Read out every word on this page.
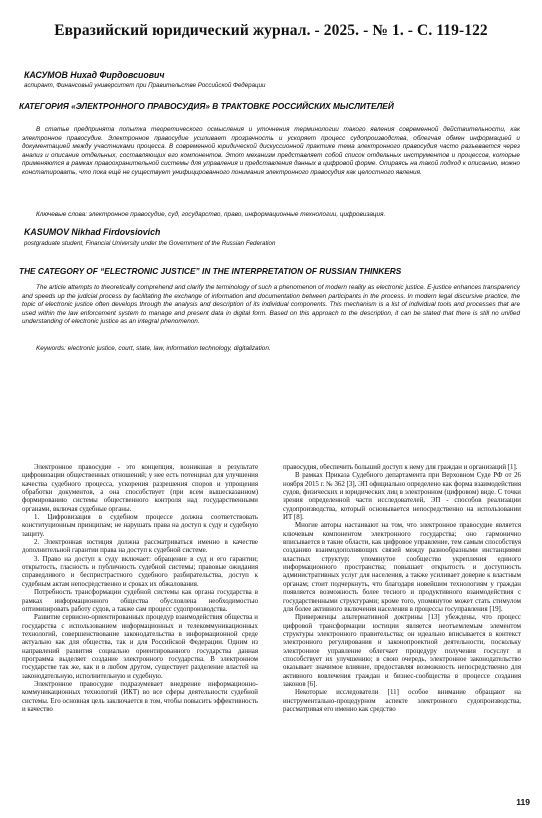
Евразийский юридический журнал. - 2025. - № 1. - С. 119-122
КАСУМОВ Нихад Фирдовсиович
аспирант, Финансовый университет при Правительстве Российской Федерации
КАТЕГОРИЯ «ЭЛЕКТРОННОГО ПРАВОСУДИЯ» В ТРАКТОВКЕ РОССИЙСКИХ МЫСЛИТЕЛЕЙ
В статье предпринята попытка теоретического осмысления и уточнения терминологии такого явления современной действительности, как электронное правосудие. Электронное правосудие усиливает прозрачность и ускоряет процесс судопроизводства, облегчая обмен информацией и документацией между участниками процесса. В современной юридической дискуссионной практике тема электронного правосудия часто разъевается через анализ и описание отдельных, составляющих его компонентов. Этот механизм представляет собой список отдельных инструментов и процессов, которые применяются в рамках правоохранительной системы для управления и представления данных в цифровой форме. Опираясь на такой подход к описанию, можно констатировать, что пока ещё не существует унифицированного понимания электронного правосудия как целостного явления.
Ключевые слова: электронное правосудие, суд, государство, право, информационные технологии, цифровизация.
KASUMOV Nikhad Firdovsiovich
postgraduate student, Financial University under the Government of the Russian Federation
THE CATEGORY OF “ELECTRONIC JUSTICE” IN THE INTERPRETATION OF RUSSIAN THINKERS
The article attempts to theoretically comprehend and clarify the terminology of such a phenomenon of modern reality as electronic justice. E-justice enhances transparency and speeds up the judicial process by facilitating the exchange of information and documentation between participants in the process. In modern legal discursive practice, the topic of electronic justice often develops through the analysis and description of its individual components. This mechanism is a list of individual tools and processes that are used within the law enforcement system to manage and present data in digital form. Based on this approach to the description, it can be stated that there is still no unified understanding of electronic justice as an integral phenomenon.
Keywords: electronic justice, court, state, law, information technology, digitalization.

Электронное правосудие - это концепция, возникшая в результате цифровизации общественных отношений; у нее есть потенциал для улучшения качества судебного процесса, ускорения разрешения споров и упрощения обработки документов, а она способствует (при всем вышесказанном) формированию системы общественного контроля над государственными органами, включая судебные органы.

1. Цифровизация в судебном процессе должна соответствовать конституционным принципам; не нарушать права на доступ к суду и судебную защиту.

2. Электронная юстиция должна рассматриваться именно в качестве дополнительной гарантии права на доступ к судебной системе.

3. Право на доступ к суду включает: обращение в суд и его гарантии; открытость, гласность и публичность судебной системы; правовые ожидания справедливого и беспристрастного судебного разбирательства, доступ к судебным актам непосредственно и сроках их обжалования.

Потребность трансформации судебной системы как органа государства в рамках информационного общества обусловлена необходимостью оптимизировать работу судов, а также сам процесс судопроизводства.

Развитие сервисно-ориентированных процедур взаимодействия общества и государства с использованием информационных и телекоммуникационных технологий, совершенствование законодательства в информационной среде актуально как для общества, так и для Российской Федерации. Одним из направлений развития социально ориентированного государства данная программа выделяет создание электронного государства. В электронном государстве так же, как и в любом другом, существует разделение властей на законодательную, исполнительную и судебную.

Электронное правосудие подразумевает внедрение информационно-коммуникационных технологий (ИКТ) во все сферы деятельности судебной системы. Его основная цель заключается в том, чтобы повысить эффективность и качество

правосудия, обеспечить больший доступ к нему для граждан и организаций [1].

В рамках Приказа Судебного департамента при Верховном Суде РФ от 26 ноября 2015 г. № 362 [3], ЭП официально определено как форма взаимодействия судов, физических и юридических лиц в электронном (цифровом) виде. С точки зрения определенной части исследователей, ЭП - способов реализации судопроизводства, который основывается непосредственно на использовании ИТ [8].

Многие авторы настаивают на том, что электронное правосудие является ключевым компонентом электронного государства; оно гармонично вписывается в такие области, как цифровое управление, тем самым способствуя созданию взаимодополняющих связей между разнообразными инстанциями властных структур; упомянутое сообщество укрепления единого информационного пространства; повышает открытость и доступность административных услуг для населения, а также усиливает доверие к властным органам; стоит подчеркнуть, что благодаря новейшим технологиям у граждан появляется возможность более тесного и продуктивного взаимодействия с государственными структурами; кроме того, упомянутое может стать стимулом для более активного включения населения в процессы госуправления [19].

Приверженцы альтернативной доктрины [13] убеждены, что процесс цифровой трансформации юстиции является неотъемлемым элементом структуры электронного правительства; он идеально вписывается в контекст электронного регулирования и законопроектной деятельности, поскольку электронное управление облегчает процедуру получения госуслуг и способствует их улучшению; в свою очередь, электронное законодательство оказывает значимое влияние, предоставляя возможность непосредственно для активного вовлечения граждан и бизнес-сообщества в процессе создания законов [6].

Некоторые исследователи [11] особое внимание обращают на инструментально-процедурном аспекте электронного судопроизводства, рассматривая его именно как средство

119
